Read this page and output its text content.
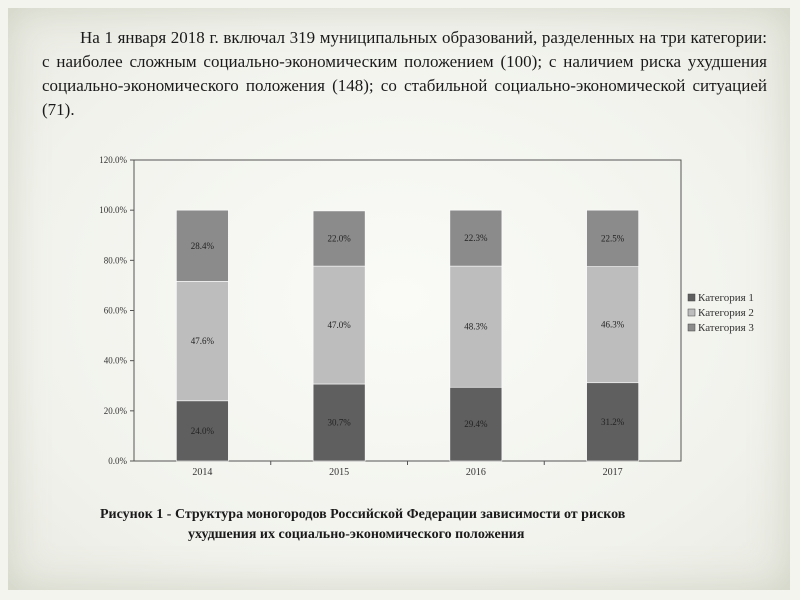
На 1 января 2018 г. включал 319 муниципальных образований, разделенных на три категории: с наиболее сложным социально-экономическим положением (100); с наличием риска ухудшения социально-экономического положения (148); со стабильной социально-экономической ситуацией (71).

0.0%
20.0%
40.0%
60.0%
80.0%
100.0%
120.0%
2014
24.0%
47.6%
28.4%
2015
30.7%
47.0%
22.0%
2016
29.4%
48.3%
22.3%
2017
31.2%
46.3%
22.5%
Категория 1
Категория 2
Категория 3

Рисунок 1 - Структура моногородов Российской Федерации зависимости от рисков
ухудшения их социально-экономического положения
